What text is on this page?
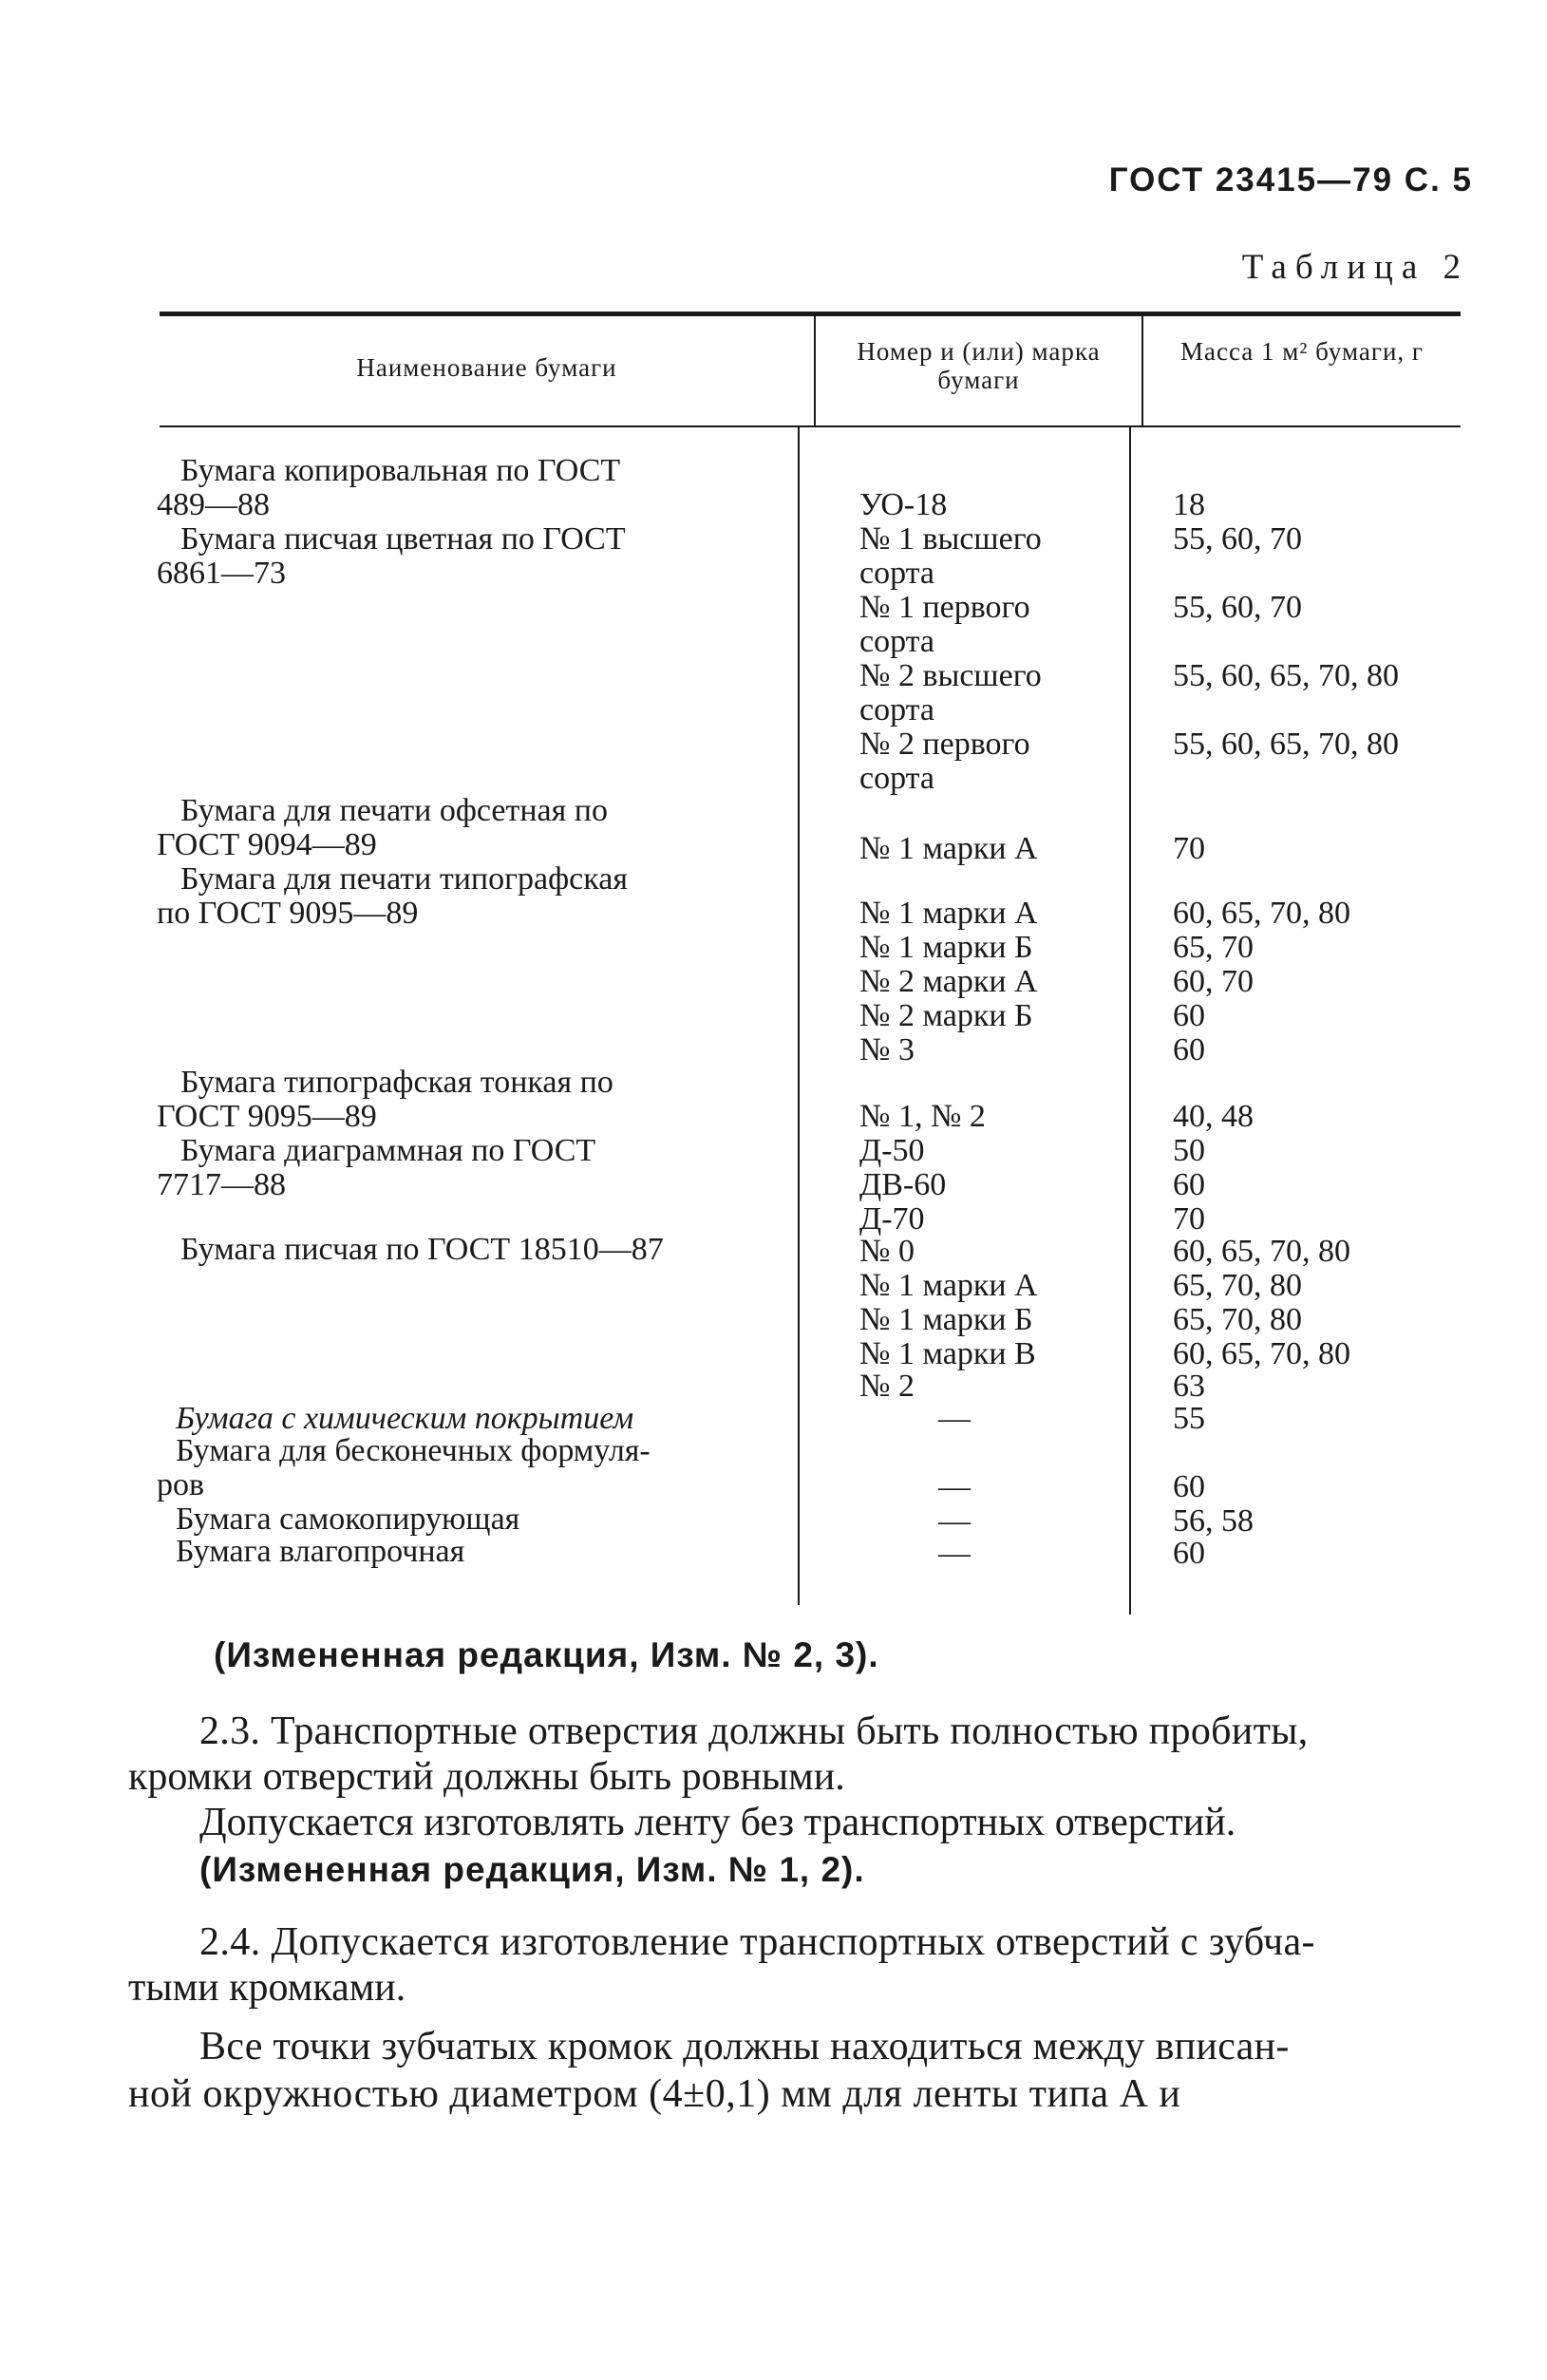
ГОСТ 23415—79 С. 5
Таблица 2
Наименование бумаги
Номер и (или) марка бумаги
Масса 1 м² бумаги, г
Бумага копировальная по ГОСТ
489—88
Бумага писчая цветная по ГОСТ
6861—73
Бумага для печати офсетная по
ГОСТ 9094—89
Бумага для печати типографская
по ГОСТ 9095—89
Бумага типографская тонкая по
ГОСТ 9095—89
Бумага диаграммная по ГОСТ
7717—88
Бумага писчая по ГОСТ 18510—87
Бумага с химическим покрытием
Бумага для бесконечных формуля-
ров
Бумага самокопирующая
Бумага влагопрочная
УО-18
№ 1 высшего
сорта
№ 1 первого
сорта
№ 2 высшего
сорта
№ 2 первого
сорта
№ 1 марки А
№ 1 марки А
№ 1 марки Б
№ 2 марки А
№ 2 марки Б
№ 3
№ 1, № 2
Д-50
ДВ-60
Д-70
№ 0
№ 1 марки А
№ 1 марки Б
№ 1 марки В
№ 2
—
—
—
—
18
55, 60, 70
55, 60, 70
55, 60, 65, 70, 80
55, 60, 65, 70, 80
70
60, 65, 70, 80
65, 70
60, 70
60
60
40, 48
50
60
70
60, 65, 70, 80
65, 70, 80
65, 70, 80
60, 65, 70, 80
63
55
60
56, 58
60
(Измененная редакция, Изм. № 2, 3).
2.3. Транспортные отверстия должны быть полностью пробиты,
кромки отверстий должны быть ровными.
Допускается изготовлять ленту без транспортных отверстий.
(Измененная редакция, Изм. № 1, 2).
2.4. Допускается изготовление транспортных отверстий с зубча-
тыми кромками.
Все точки зубчатых кромок должны находиться между вписан-
ной окружностью диаметром (4±0,1) мм для ленты типа А и
